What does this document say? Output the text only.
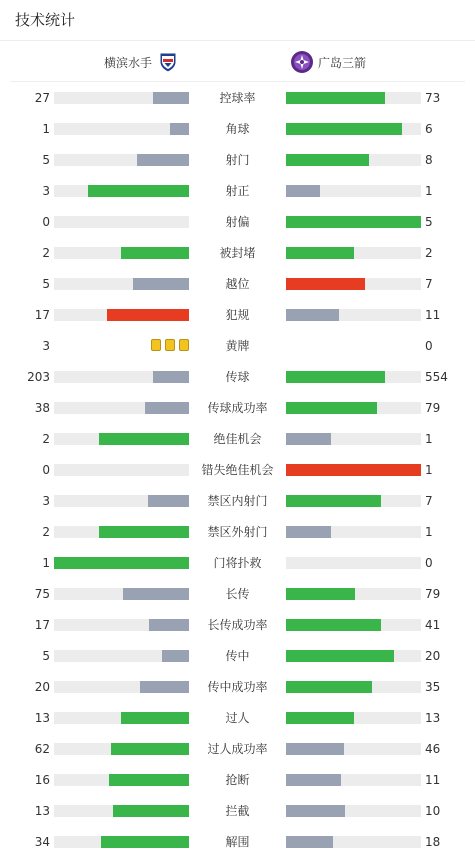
技术统计
横滨水手	广岛三箭
27	控球率	73
1	角球	6
5	射门	8
3	射正	1
0	射偏	5
2	被封堵	2
5	越位	7
17	犯规	11
3	黄牌	0
203	传球	554
38	传球成功率	79
2	绝佳机会	1
0	错失绝佳机会	1
3	禁区内射门	7
2	禁区外射门	1
1	门将扑救	0
75	长传	79
17	长传成功率	41
5	传中	20
20	传中成功率	35
13	过人	13
62	过人成功率	46
16	抢断	11
13	拦截	10
34	解围	18
